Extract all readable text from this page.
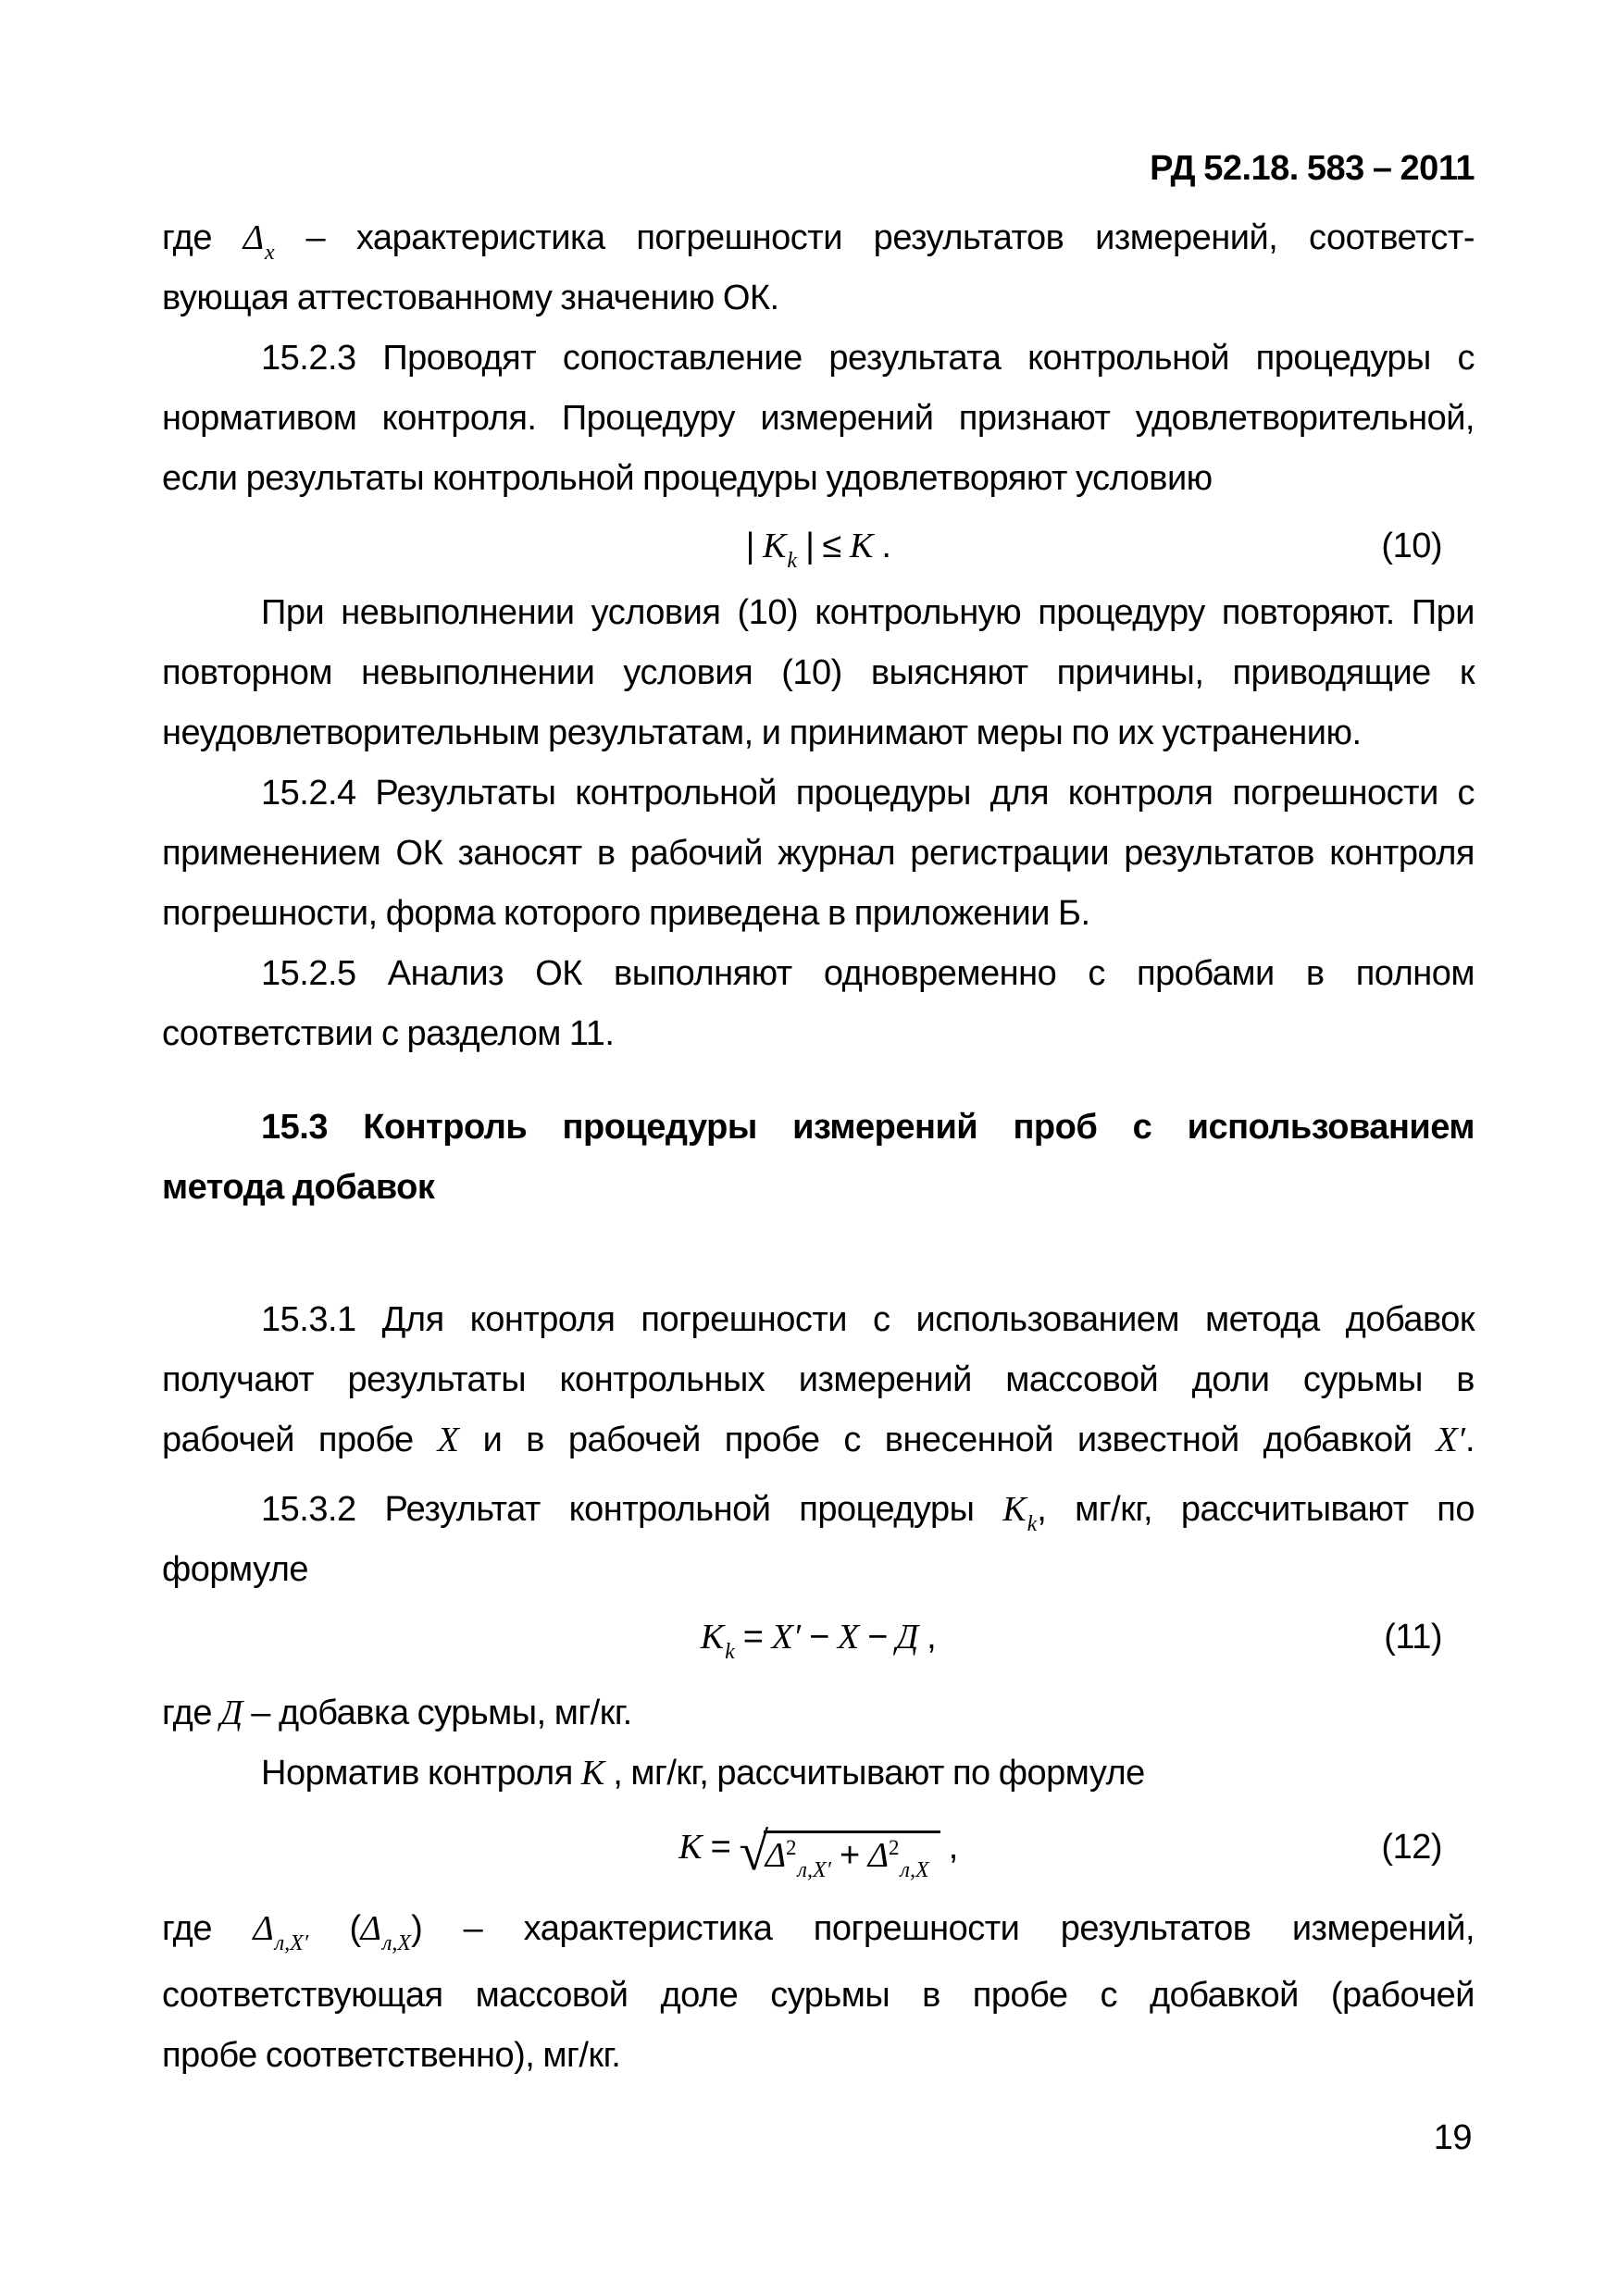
РД 52.18. 583 – 2011
где $\Delta_x$ – характеристика погрешности результатов измерений, соответст-
вующая аттестованному значению ОК.
15.2.3 Проводят сопоставление результата контрольной процедуры с
нормативом контроля. Процедуру измерений признают удовлетворительной,
если результаты контрольной процедуры удовлетворяют условию
| $K_k$ | ≤ K .	(10)
При невыполнении условия (10) контрольную процедуру повторяют. При
повторном невыполнении условия (10) выясняют причины, приводящие к
неудовлетворительным результатам, и принимают меры по их устранению.
15.2.4 Результаты контрольной процедуры для контроля погрешности с
применением ОК заносят в рабочий журнал регистрации результатов контроля
погрешности, форма которого приведена в приложении Б.
15.2.5 Анализ ОК выполняют одновременно с пробами в полном
соответствии с разделом 11.
15.3 Контроль процедуры измерений проб с использованием
метода добавок
15.3.1 Для контроля погрешности с использованием метода добавок
получают результаты контрольных измерений массовой доли сурьмы в
рабочей пробе X и в рабочей пробе с внесенной известной добавкой X′.
15.3.2 Результат контрольной процедуры $K_k$, мг/кг, рассчитывают по
формуле
$K_k = X' - X - Д$ ,	(11)
где Д – добавка сурьмы, мг/кг.
Норматив контроля K , мг/кг, рассчитывают по формуле
K = √
$\Delta^2_{л,X'} + \Delta^2_{л,X}$
,	(12)
где $\Delta_{л,X'}$ $(\Delta_{л,X})$ – характеристика погрешности результатов измерений,
соответствующая массовой доле сурьмы в пробе с добавкой (рабочей
пробе соответственно), мг/кг.
19
